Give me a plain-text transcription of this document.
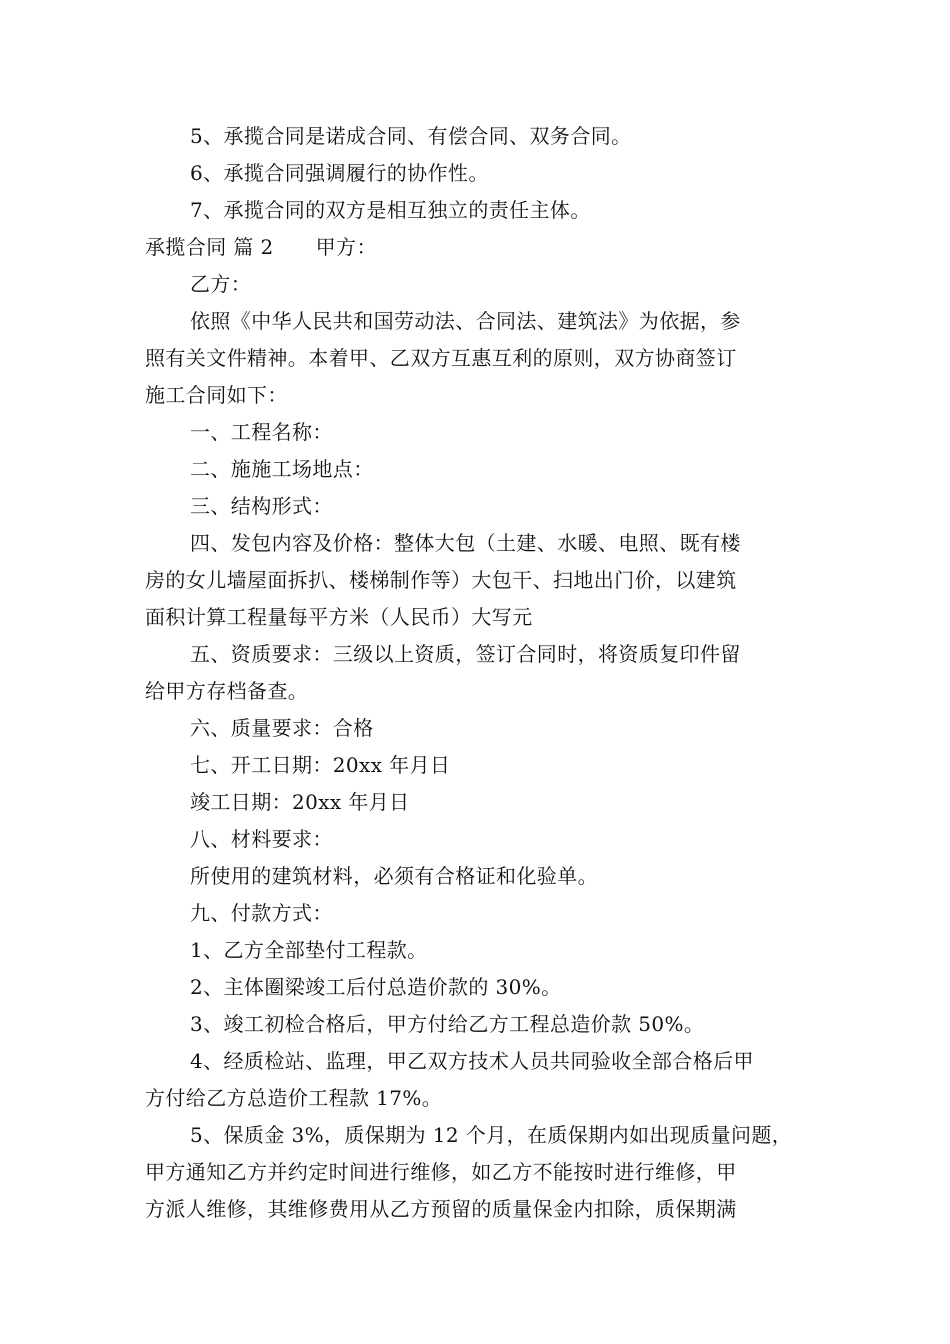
5、承揽合同是诺成合同、有偿合同、双务合同。
6、承揽合同强调履行的协作性。
7、承揽合同的双方是相互独立的责任主体。
承揽合同 篇 2 甲方：
乙方：
依照《中华人民共和国劳动法、合同法、建筑法》为依据，参
照有关文件精神。本着甲、乙双方互惠互利的原则，双方协商签订
施工合同如下：
一、工程名称：
二、施施工场地点：
三、结构形式：
四、发包内容及价格：整体大包（土建、水暖、电照、既有楼
房的女儿墙屋面拆扒、楼梯制作等）大包干、扫地出门价，以建筑
面积计算工程量每平方米（人民币）大写元
五、资质要求：三级以上资质，签订合同时，将资质复印件留
给甲方存档备查。
六、质量要求：合格
七、开工日期：20xx 年月日
竣工日期：20xx 年月日
八、材料要求：
所使用的建筑材料，必须有合格证和化验单。
九、付款方式：
1、乙方全部垫付工程款。
2、主体圈梁竣工后付总造价款的 30%。
3、竣工初检合格后，甲方付给乙方工程总造价款 50%。
4、经质检站、监理，甲乙双方技术人员共同验收全部合格后甲
方付给乙方总造价工程款 17%。
5、保质金 3%，质保期为 12 个月，在质保期内如出现质量问题，
甲方通知乙方并约定时间进行维修，如乙方不能按时进行维修，甲
方派人维修，其维修费用从乙方预留的质量保金内扣除，质保期满
